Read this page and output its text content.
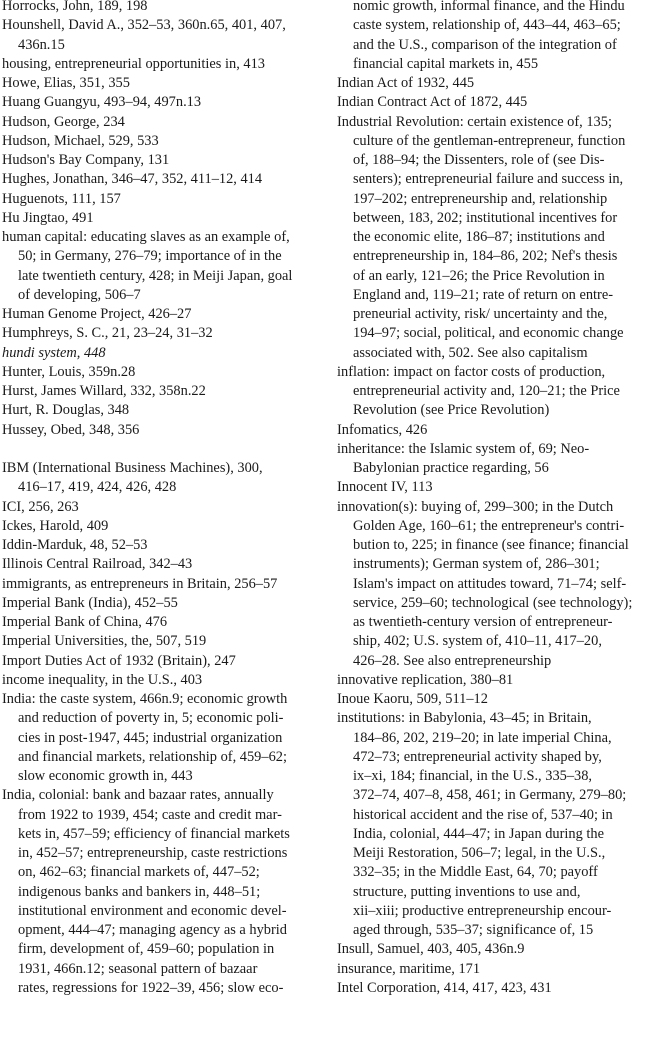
Horrocks, John, 189, 198
Hounshell, David A., 352–53, 360n.65, 401, 407,
436n.15
housing, entrepreneurial opportunities in, 413
Howe, Elias, 351, 355
Huang Guangyu, 493–94, 497n.13
Hudson, George, 234
Hudson, Michael, 529, 533
Hudson's Bay Company, 131
Hughes, Jonathan, 346–47, 352, 411–12, 414
Huguenots, 111, 157
Hu Jingtao, 491
human capital: educating slaves as an example of,
50; in Germany, 276–79; importance of in the
late twentieth century, 428; in Meiji Japan, goal
of developing, 506–7
Human Genome Project, 426–27
Humphreys, S. C., 21, 23–24, 31–32
hundi system, 448
Hunter, Louis, 359n.28
Hurst, James Willard, 332, 358n.22
Hurt, R. Douglas, 348
Hussey, Obed, 348, 356
IBM (International Business Machines), 300,
416–17, 419, 424, 426, 428
ICI, 256, 263
Ickes, Harold, 409
Iddin-Marduk, 48, 52–53
Illinois Central Railroad, 342–43
immigrants, as entrepreneurs in Britain, 256–57
Imperial Bank (India), 452–55
Imperial Bank of China, 476
Imperial Universities, the, 507, 519
Import Duties Act of 1932 (Britain), 247
income inequality, in the U.S., 403
India: the caste system, 466n.9; economic growth
and reduction of poverty in, 5; economic poli-
cies in post-1947, 445; industrial organization
and financial markets, relationship of, 459–62;
slow economic growth in, 443
India, colonial: bank and bazaar rates, annually
from 1922 to 1939, 454; caste and credit mar-
kets in, 457–59; efficiency of financial markets
in, 452–57; entrepreneurship, caste restrictions
on, 462–63; financial markets of, 447–52;
indigenous banks and bankers in, 448–51;
institutional environment and economic devel-
opment, 444–47; managing agency as a hybrid
firm, development of, 459–60; population in
1931, 466n.12; seasonal pattern of bazaar
rates, regressions for 1922–39, 456; slow eco-
nomic growth, informal finance, and the Hindu
caste system, relationship of, 443–44, 463–65;
and the U.S., comparison of the integration of
financial capital markets in, 455
Indian Act of 1932, 445
Indian Contract Act of 1872, 445
Industrial Revolution: certain existence of, 135;
culture of the gentleman-entrepreneur, function
of, 188–94; the Dissenters, role of (see Dis-
senters); entrepreneurial failure and success in,
197–202; entrepreneurship and, relationship
between, 183, 202; institutional incentives for
the economic elite, 186–87; institutions and
entrepreneurship in, 184–86, 202; Nef's thesis
of an early, 121–26; the Price Revolution in
England and, 119–21; rate of return on entre-
preneurial activity, risk/ uncertainty and the,
194–97; social, political, and economic change
associated with, 502. See also capitalism
inflation: impact on factor costs of production,
entrepreneurial activity and, 120–21; the Price
Revolution (see Price Revolution)
Infomatics, 426
inheritance: the Islamic system of, 69; Neo-
Babylonian practice regarding, 56
Innocent IV, 113
innovation(s): buying of, 299–300; in the Dutch
Golden Age, 160–61; the entrepreneur's contri-
bution to, 225; in finance (see finance; financial
instruments); German system of, 286–301;
Islam's impact on attitudes toward, 71–74; self-
service, 259–60; technological (see technology);
as twentieth-century version of entrepreneur-
ship, 402; U.S. system of, 410–11, 417–20,
426–28. See also entrepreneurship
innovative replication, 380–81
Inoue Kaoru, 509, 511–12
institutions: in Babylonia, 43–45; in Britain,
184–86, 202, 219–20; in late imperial China,
472–73; entrepreneurial activity shaped by,
ix–xi, 184; financial, in the U.S., 335–38,
372–74, 407–8, 458, 461; in Germany, 279–80;
historical accident and the rise of, 537–40; in
India, colonial, 444–47; in Japan during the
Meiji Restoration, 506–7; legal, in the U.S.,
332–35; in the Middle East, 64, 70; payoff
structure, putting inventions to use and,
xii–xiii; productive entrepreneurship encour-
aged through, 535–37; significance of, 15
Insull, Samuel, 403, 405, 436n.9
insurance, maritime, 171
Intel Corporation, 414, 417, 423, 431
